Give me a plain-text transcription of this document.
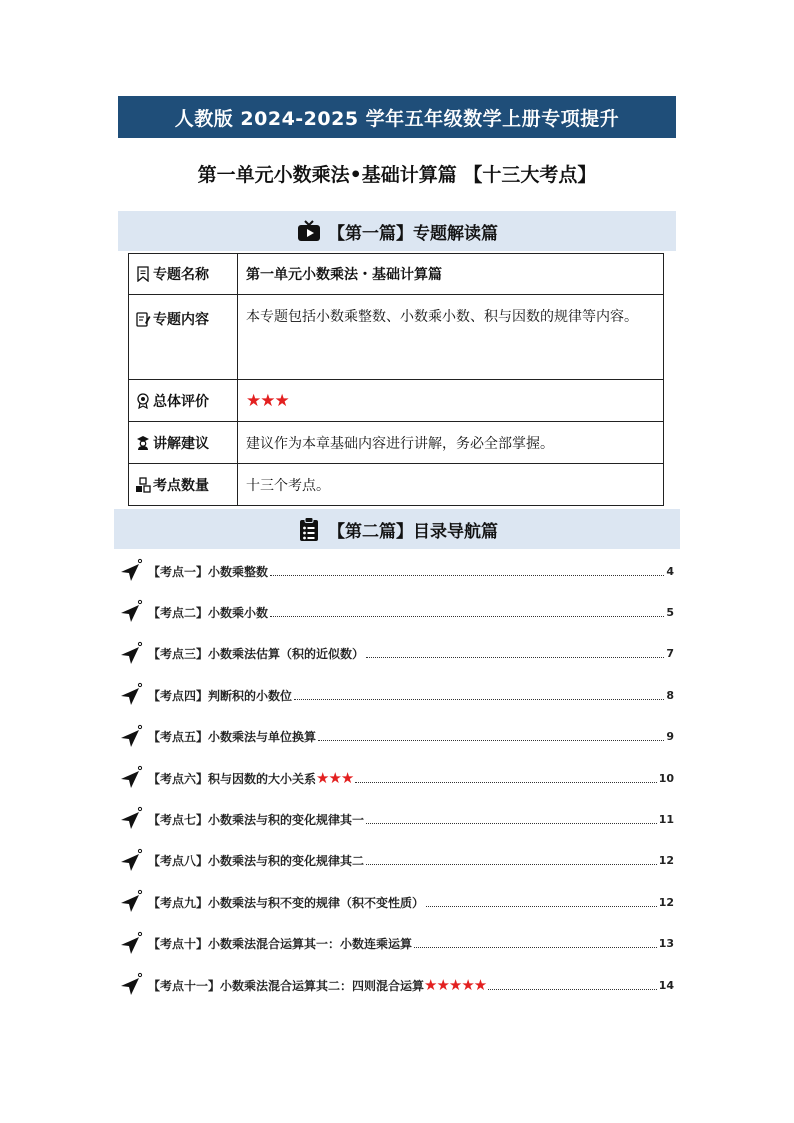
人教版 2024-2025 学年五年级数学上册专项提升
第一单元小数乘法•基础计算篇 【十三大考点】
【第一篇】专题解读篇
专题名称	第一单元小数乘法・基础计算篇
专题内容	本专题包括小数乘整数、小数乘小数、积与因数的规律等内容。
总体评价	★★★
讲解建议	建议作为本章基础内容进行讲解，务必全部掌握。
考点数量	十三个考点。
【第二篇】目录导航篇
【考点一】小数乘整数	4
【考点二】小数乘小数	5
【考点三】小数乘法估算（积的近似数）	7
【考点四】判断积的小数位	8
【考点五】小数乘法与单位换算	9
【考点六】积与因数的大小关系 ★★★	10
【考点七】小数乘法与积的变化规律其一	11
【考点八】小数乘法与积的变化规律其二	12
【考点九】小数乘法与积不变的规律（积不变性质）	12
【考点十】小数乘法混合运算其一：小数连乘运算	13
【考点十一】小数乘法混合运算其二：四则混合运算 ★★★★★	14
